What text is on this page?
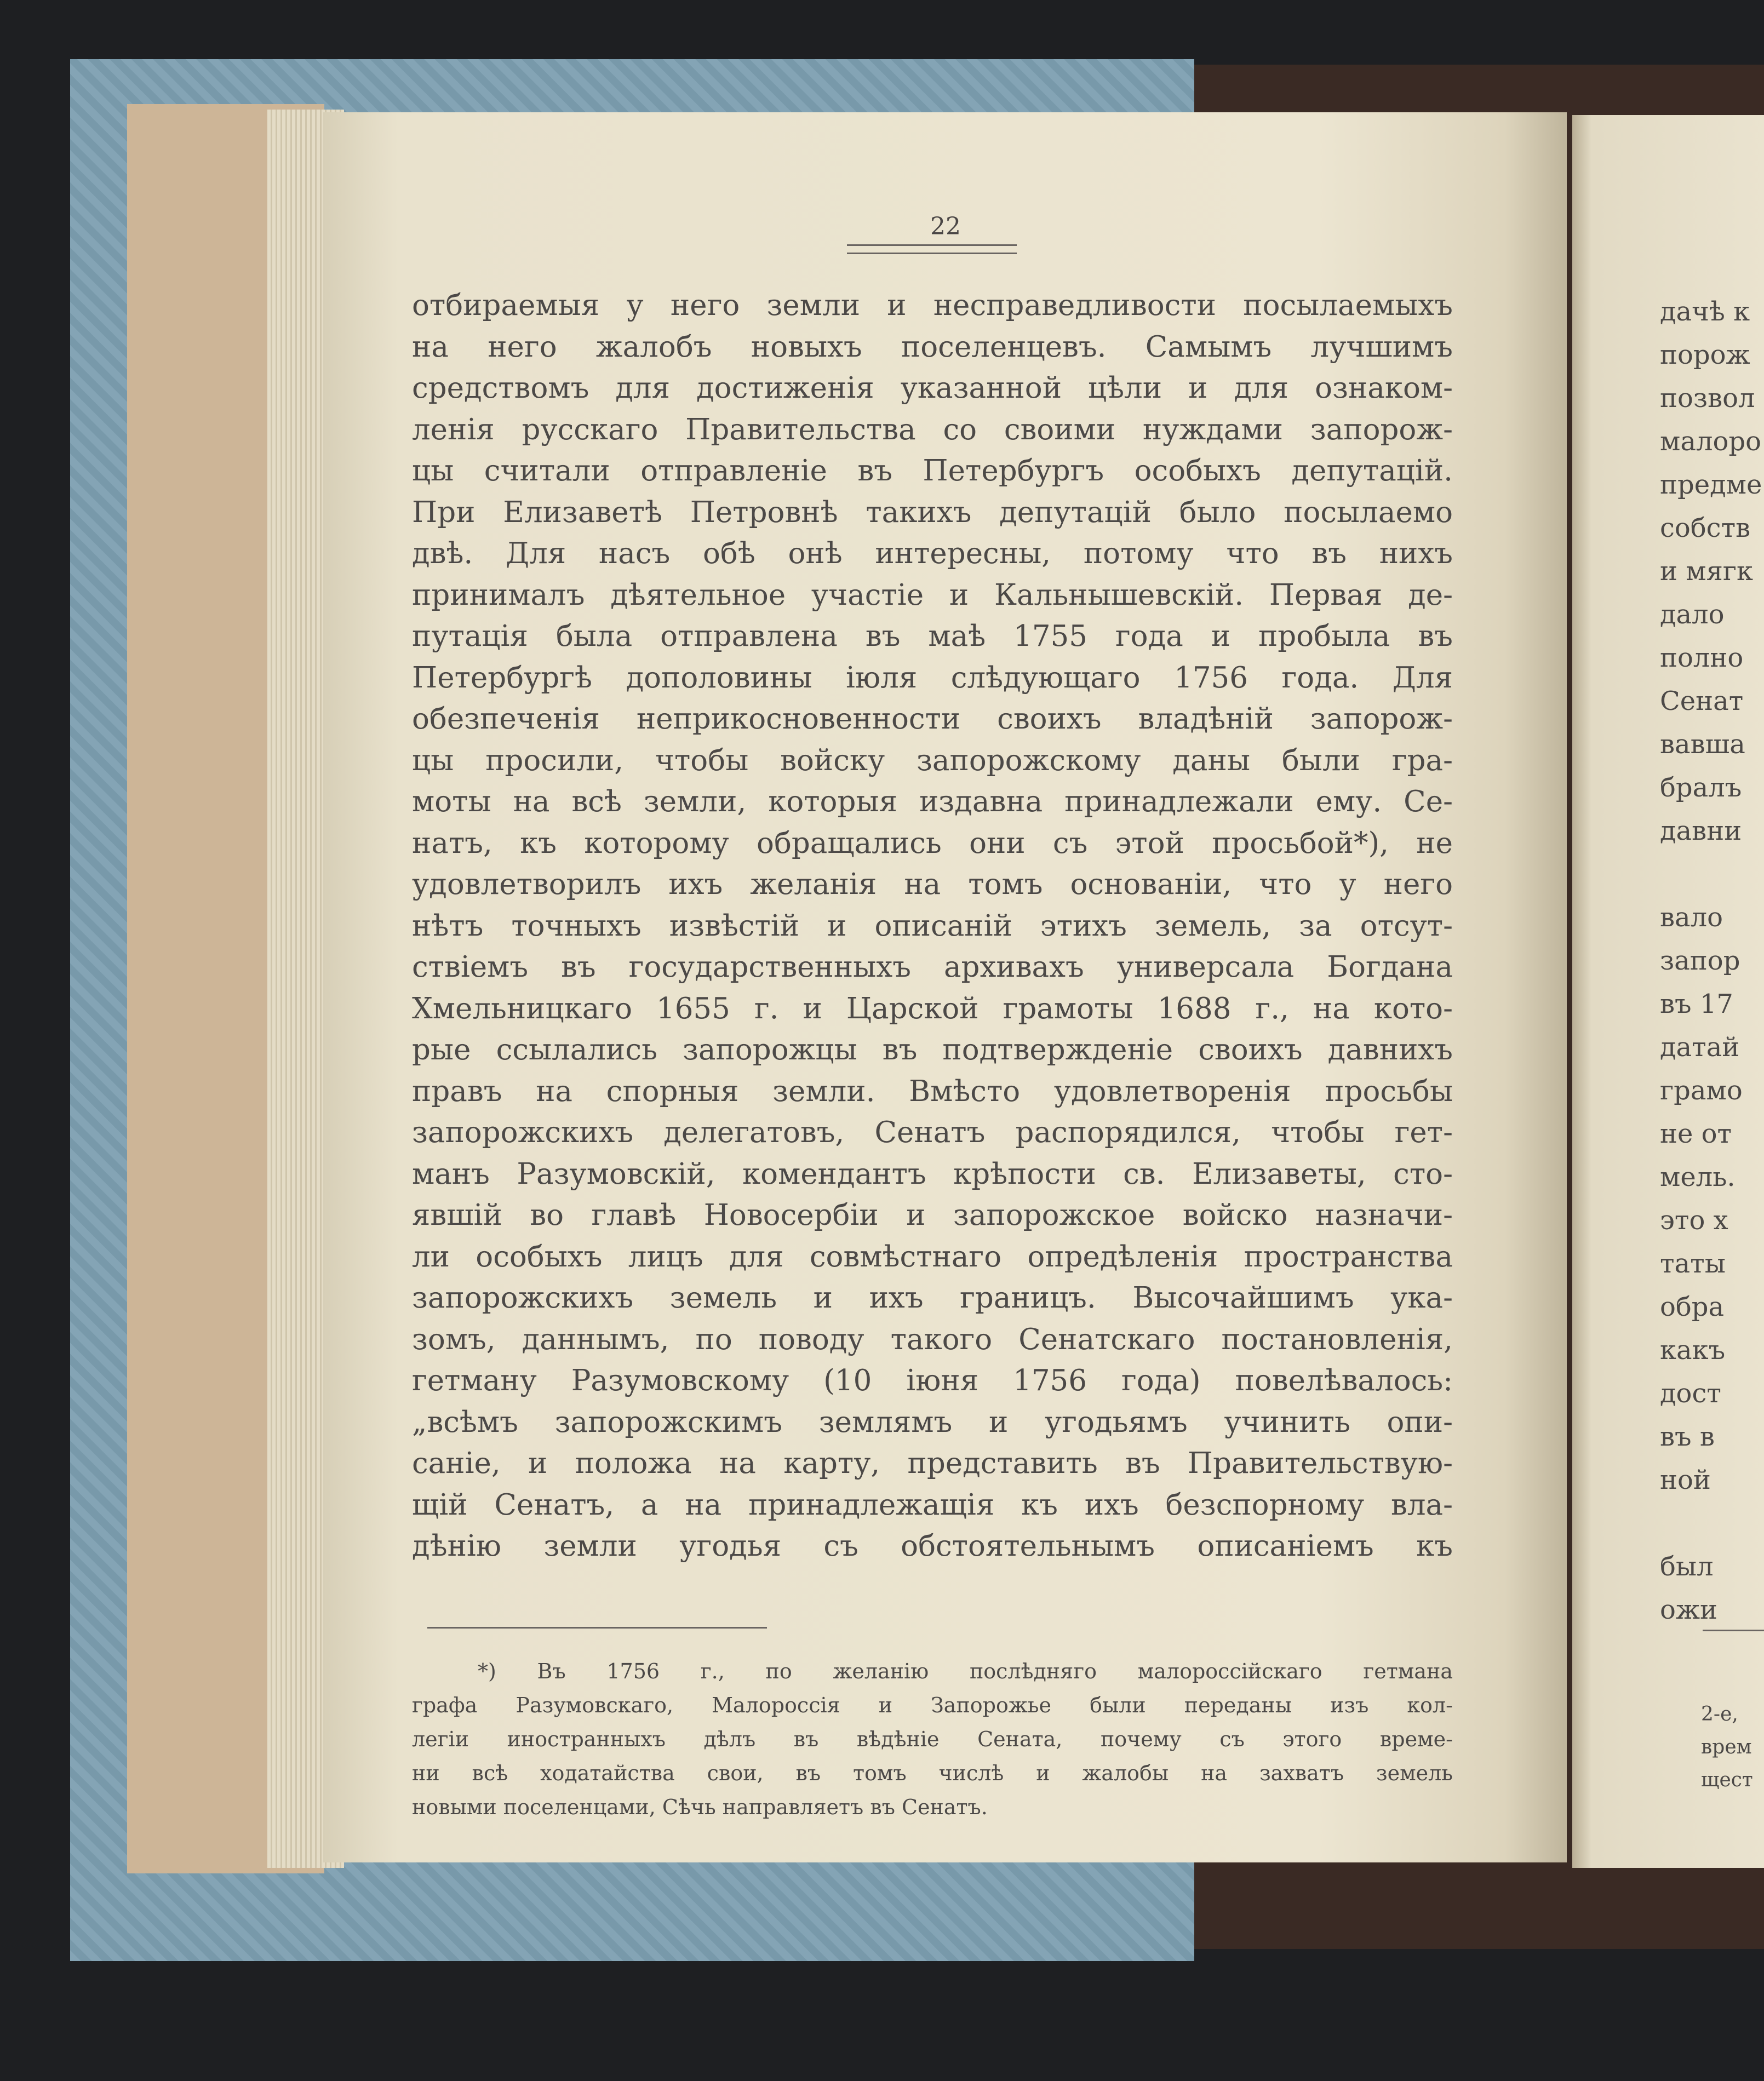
22
отбираемыя у него земли и несправедливости посылаемыхъ
на него жалобъ новыхъ поселенцевъ. Самымъ лучшимъ
средствомъ для достиженія указанной цѣли и для ознаком-
ленія русскаго Правительства со своими нуждами запорож-
цы считали отправленіе въ Петербургъ особыхъ депутацій.
При Елизаветѣ Петровнѣ такихъ депутацій было посылаемо
двѣ. Для насъ обѣ онѣ интересны, потому что въ нихъ
принималъ дѣятельное участіе и Кальнышевскій. Первая де-
путація была отправлена въ маѣ 1755 года и пробыла въ
Петербургѣ дополовины іюля слѣдующаго 1756 года. Для
обезпеченія неприкосновенности своихъ владѣній запорож-
цы просили, чтобы войску запорожскому даны были гра-
моты на всѣ земли, которыя издавна принадлежали ему. Се-
натъ, къ которому обращались они съ этой просьбой*), не
удовлетворилъ ихъ желанія на томъ основаніи, что у него
нѣтъ точныхъ извѣстій и описаній этихъ земель, за отсут-
ствіемъ въ государственныхъ архивахъ универсала Богдана
Хмельницкаго 1655 г. и Царской грамоты 1688 г., на кото-
рые ссылались запорожцы въ подтвержденіе своихъ давнихъ
правъ на спорныя земли. Вмѣсто удовлетворенія просьбы
запорожскихъ делегатовъ, Сенатъ распорядился, чтобы гет-
манъ Разумовскій, комендантъ крѣпости св. Елизаветы, сто-
явшій во главѣ Новосербіи и запорожское войско назначи-
ли особыхъ лицъ для совмѣстнаго опредѣленія пространства
запорожскихъ земель и ихъ границъ. Высочайшимъ ука-
зомъ, даннымъ, по поводу такого Сенатскаго постановленія,
гетману Разумовскому (10 іюня 1756 года) повелѣвалось:
„всѣмъ запорожскимъ землямъ и угодьямъ учинить опи-
саніе, и положа на карту, представить въ Правительствую-
щій Сенатъ, а на принадлежащія къ ихъ безспорному вла-
дѣнію земли угодья съ обстоятельнымъ описаніемъ къ
*) Въ 1756 г., по желанію послѣдняго малороссійскаго гетмана
графа Разумовскаго, Малороссія и Запорожье были переданы изъ кол-
легіи иностранныхъ дѣлъ въ вѣдѣніе Сената, почему съ этого време-
ни всѣ ходатайства свои, въ томъ числѣ и жалобы на захватъ земель
новыми поселенцами, Сѣчь направляетъ въ Сенатъ.
дачѣ к
порож
позвол
малоро
предме
собств
и мягк
дало
полно
Сенат
вавша
бралъ
давни
вало
запор
въ 17
датай
грамо
не от
мель.
это х
таты
обра
какъ
дост
въ в
ной
был
ожи
2-е,
врем
щест
